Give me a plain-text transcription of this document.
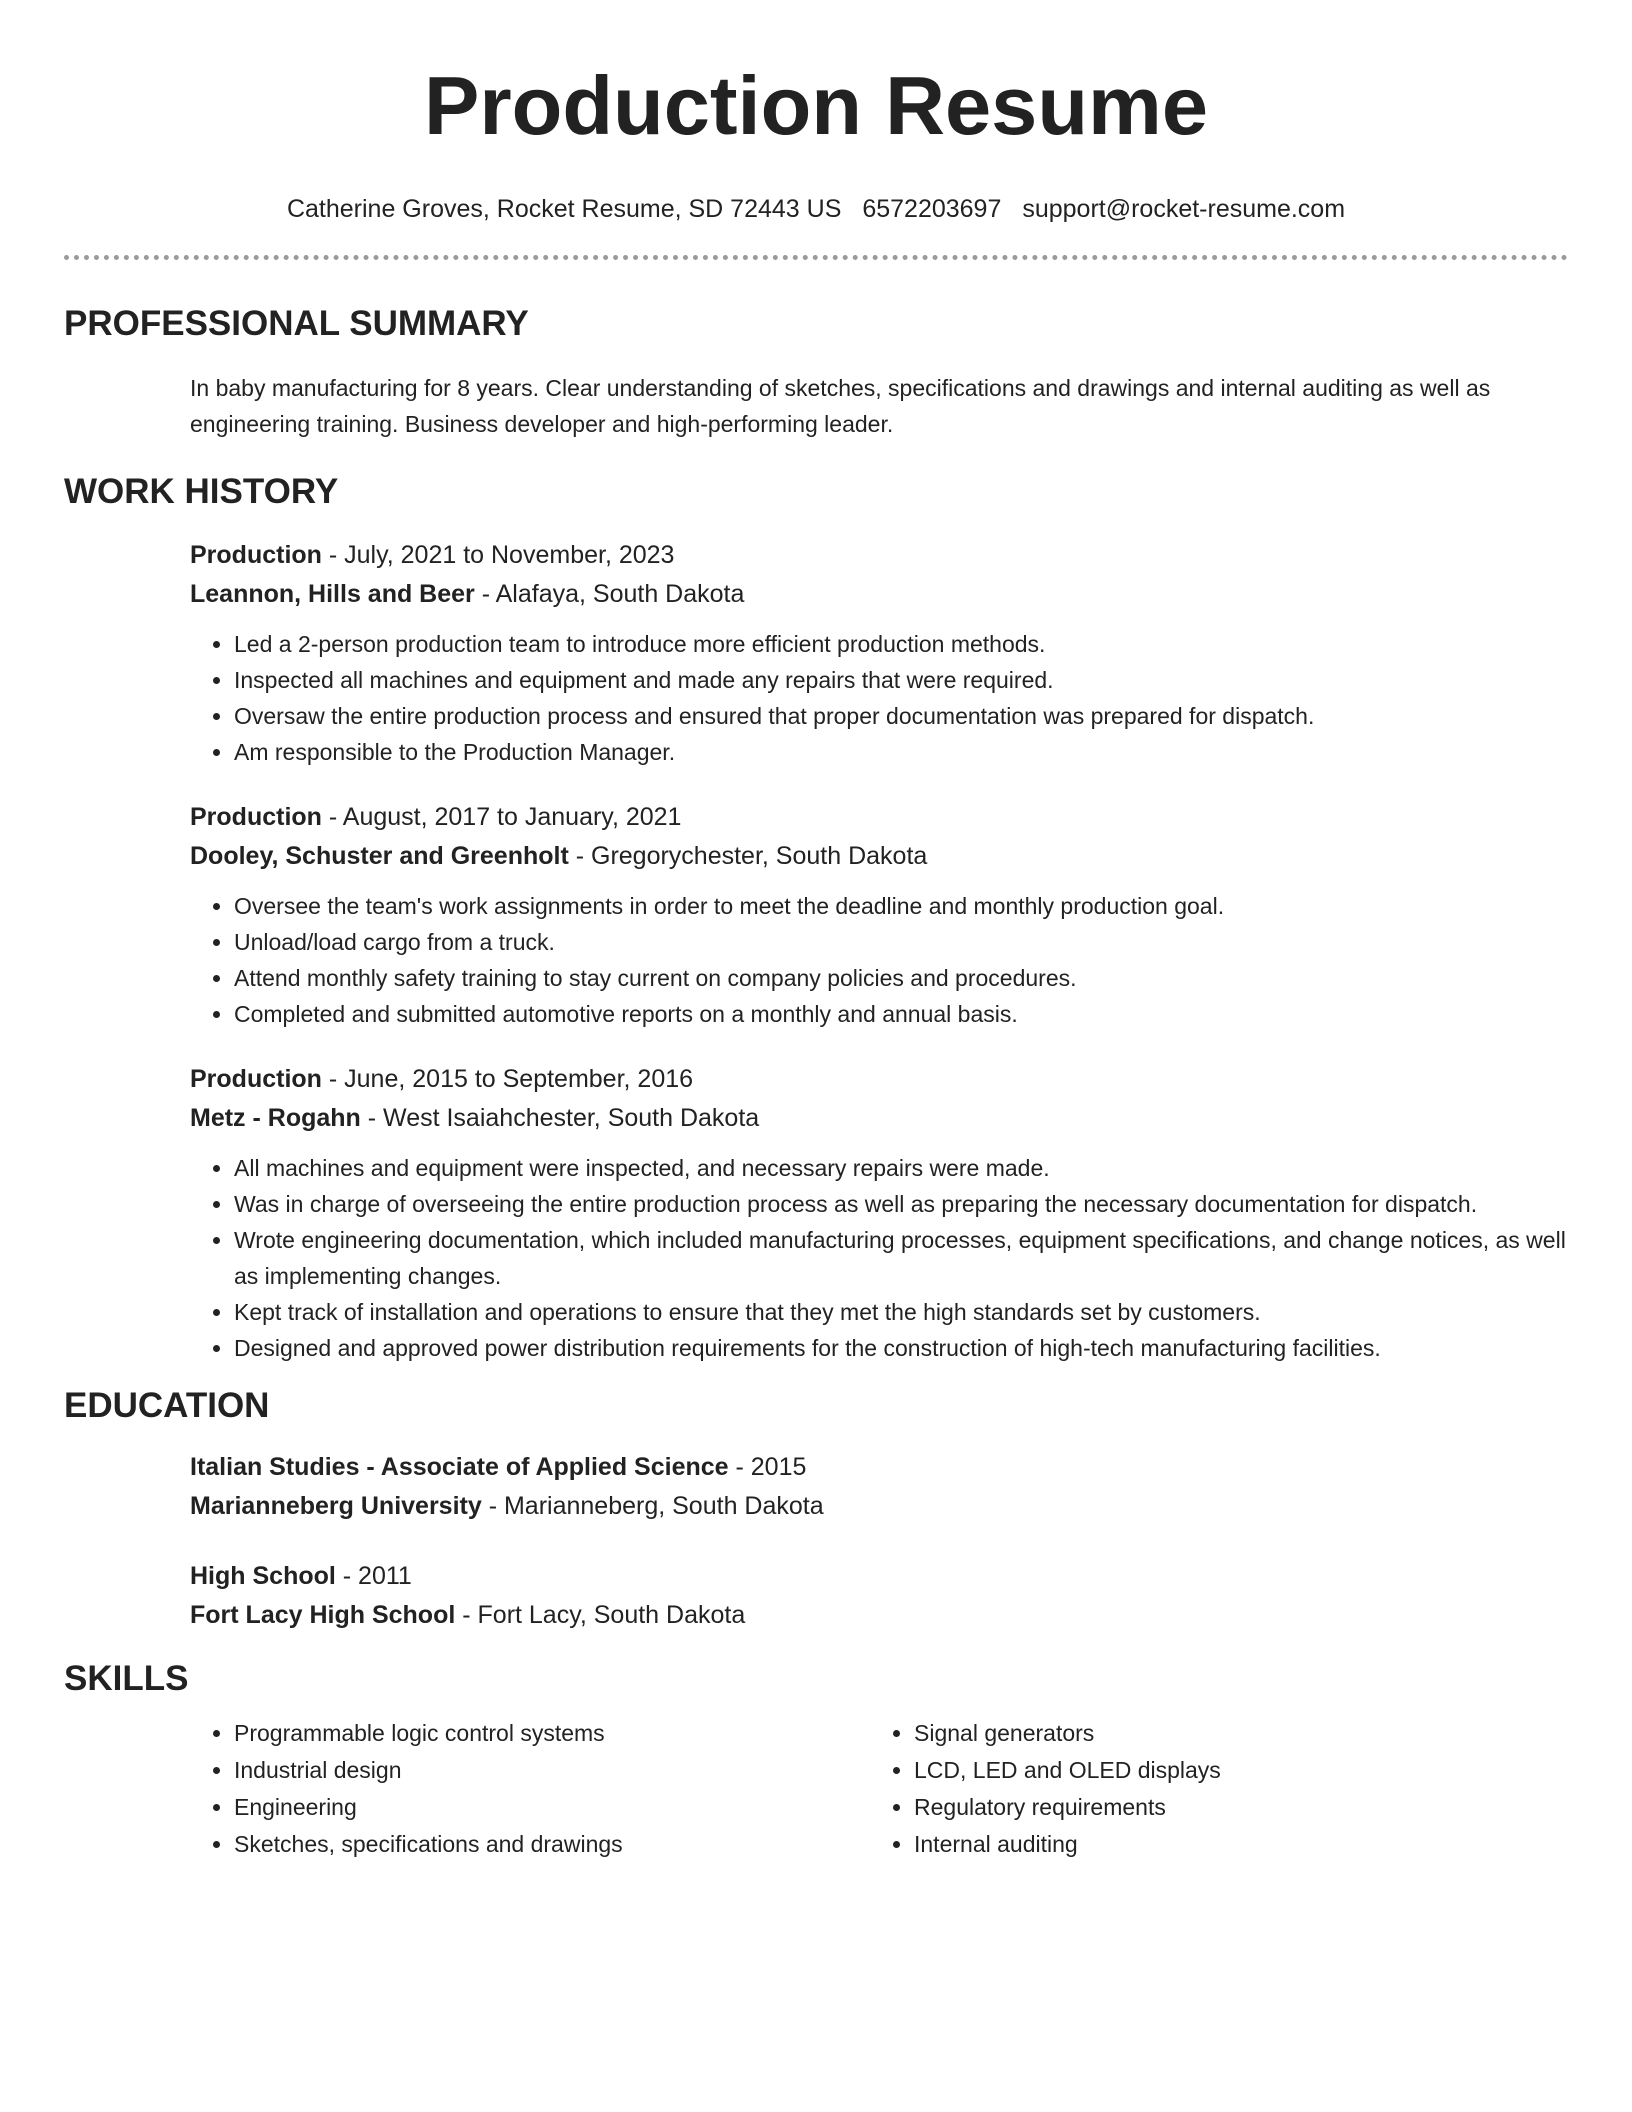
Production Resume
Catherine Groves, Rocket Resume, SD 72443 US 6572203697 support@rocket-resume.com
PROFESSIONAL SUMMARY

In baby manufacturing for 8 years. Clear understanding of sketches, specifications and drawings and internal auditing as well as engineering training. Business developer and high-performing leader.

WORK HISTORY
Production - July, 2021 to November, 2023
Leannon, Hills and Beer - Alafaya, South Dakota
• Led a 2-person production team to introduce more efficient production methods.
• Inspected all machines and equipment and made any repairs that were required.
• Oversaw the entire production process and ensured that proper documentation was prepared for dispatch.
• Am responsible to the Production Manager.
Production - August, 2017 to January, 2021
Dooley, Schuster and Greenholt - Gregorychester, South Dakota
• Oversee the team's work assignments in order to meet the deadline and monthly production goal.
• Unload/load cargo from a truck.
• Attend monthly safety training to stay current on company policies and procedures.
• Completed and submitted automotive reports on a monthly and annual basis.
Production - June, 2015 to September, 2016
Metz - Rogahn - West Isaiahchester, South Dakota
• All machines and equipment were inspected, and necessary repairs were made.
• Was in charge of overseeing the entire production process as well as preparing the necessary documentation for dispatch.
• Wrote engineering documentation, which included manufacturing processes, equipment specifications, and change notices, as well as implementing changes.
• Kept track of installation and operations to ensure that they met the high standards set by customers.
• Designed and approved power distribution requirements for the construction of high-tech manufacturing facilities.
EDUCATION
Italian Studies - Associate of Applied Science - 2015
Marianneberg University - Marianneberg, South Dakota
High School - 2011
Fort Lacy High School - Fort Lacy, South Dakota
SKILLS
• Programmable logic control systems
• Industrial design
• Engineering
• Sketches, specifications and drawings
• Signal generators
• LCD, LED and OLED displays
• Regulatory requirements
• Internal auditing
